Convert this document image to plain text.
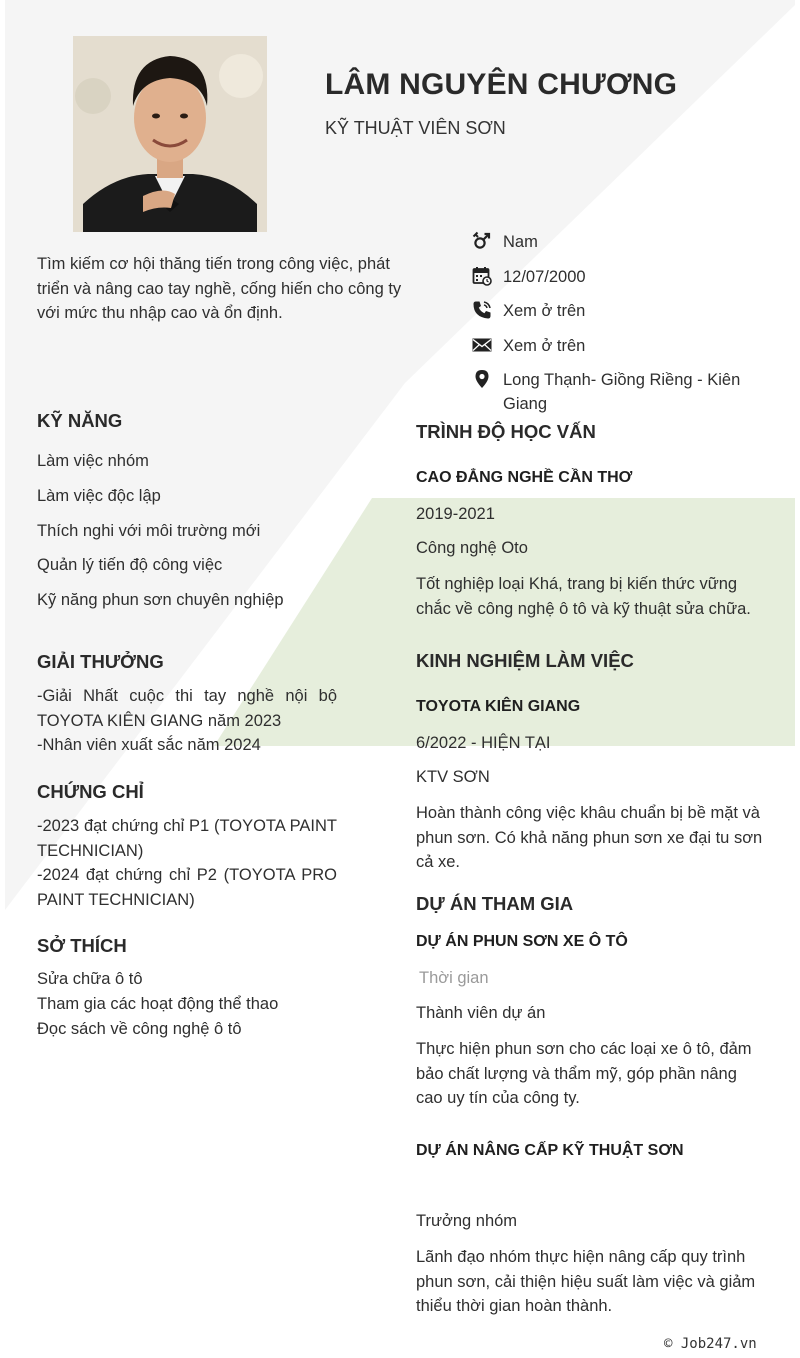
LÂM NGUYÊN CHƯƠNG
KỸ THUẬT VIÊN SƠN
Tìm kiếm cơ hội thăng tiến trong công việc, phát triển và nâng cao tay nghề, cống hiến cho công ty với mức thu nhập cao và ổn định.
Nam
12/07/2000
Xem ở trên
Xem ở trên
Long Thạnh- Giồng Riềng - Kiên Giang
KỸ NĂNG
Làm việc nhóm
Làm việc độc lập
Thích nghi với môi trường mới
Quản lý tiến độ công việc
Kỹ năng phun sơn chuyên nghiệp
GIẢI THƯỞNG
-Giải Nhất cuộc thi tay nghề nội bộ TOYOTA KIÊN GIANG năm 2023
-Nhân viên xuất sắc năm 2024
CHỨNG CHỈ
-2023 đạt chứng chỉ P1 (TOYOTA PAINT TECHNICIAN)
-2024 đạt chứng chỉ P2 (TOYOTA PRO PAINT TECHNICIAN)
SỞ THÍCH
Sửa chữa ô tô
Tham gia các hoạt động thể thao
Đọc sách về công nghệ ô tô
TRÌNH ĐỘ HỌC VẤN
CAO ĐẲNG NGHỀ CẦN THƠ
2019-2021
Công nghệ Oto
Tốt nghiệp loại Khá, trang bị kiến thức vững chắc về công nghệ ô tô và kỹ thuật sửa chữa.
KINH NGHIỆM LÀM VIỆC
TOYOTA KIÊN GIANG
6/2022 - HIỆN TẠI
KTV SƠN
Hoàn thành công việc khâu chuẩn bị bề mặt và phun sơn. Có khả năng phun sơn xe đại tu sơn cả xe.
DỰ ÁN THAM GIA
DỰ ÁN PHUN SƠN XE Ô TÔ
Thời gian
Thành viên dự án
Thực hiện phun sơn cho các loại xe ô tô, đảm bảo chất lượng và thẩm mỹ, góp phần nâng cao uy tín của công ty.
DỰ ÁN NÂNG CẤP KỸ THUẬT SƠN
Trưởng nhóm
Lãnh đạo nhóm thực hiện nâng cấp quy trình phun sơn, cải thiện hiệu suất làm việc và giảm thiểu thời gian hoàn thành.
© Job247.vn
